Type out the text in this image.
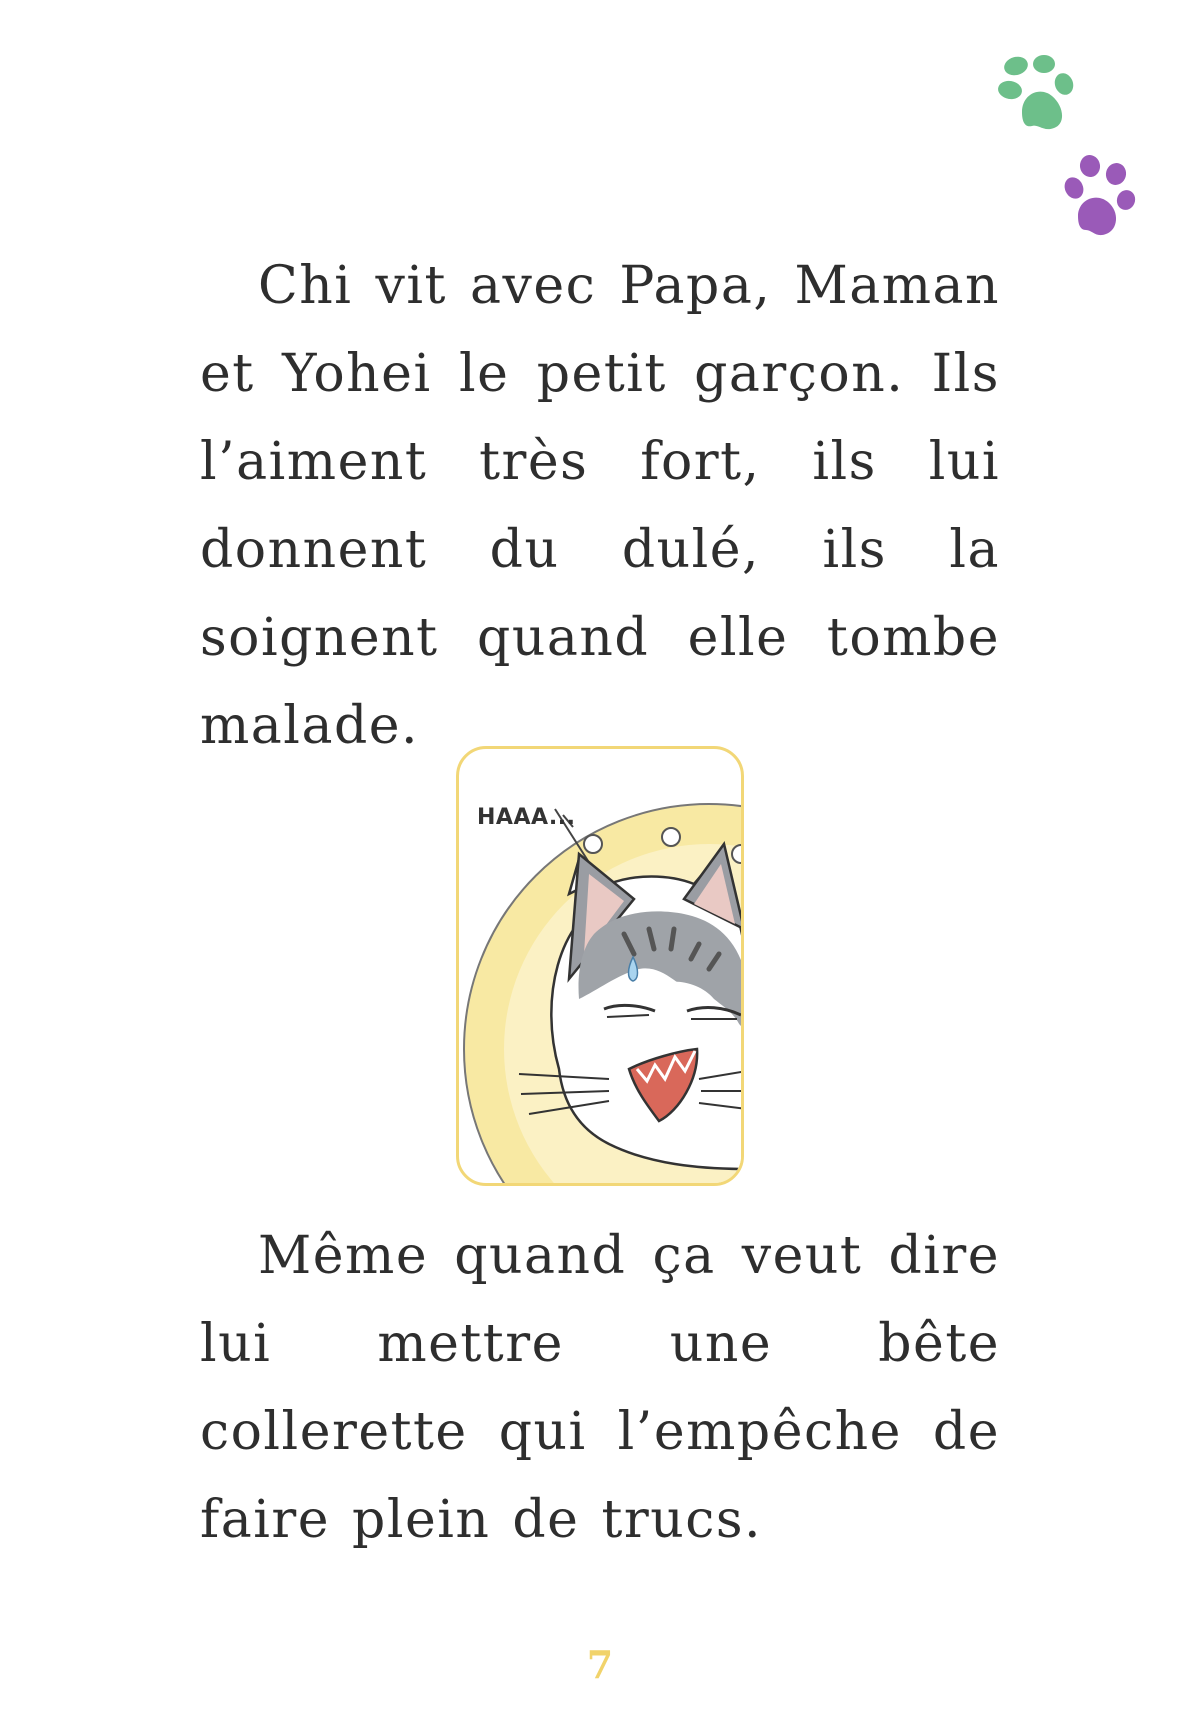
Chi vit avec Papa, Maman et Yohei le petit garçon. Ils l’aiment très fort, ils lui donnent du dulé, ils la soignent quand elle tombe malade.
HAAA...
Même quand ça veut dire lui mettre une bête collerette qui l’empêche de faire plein de trucs.
7
